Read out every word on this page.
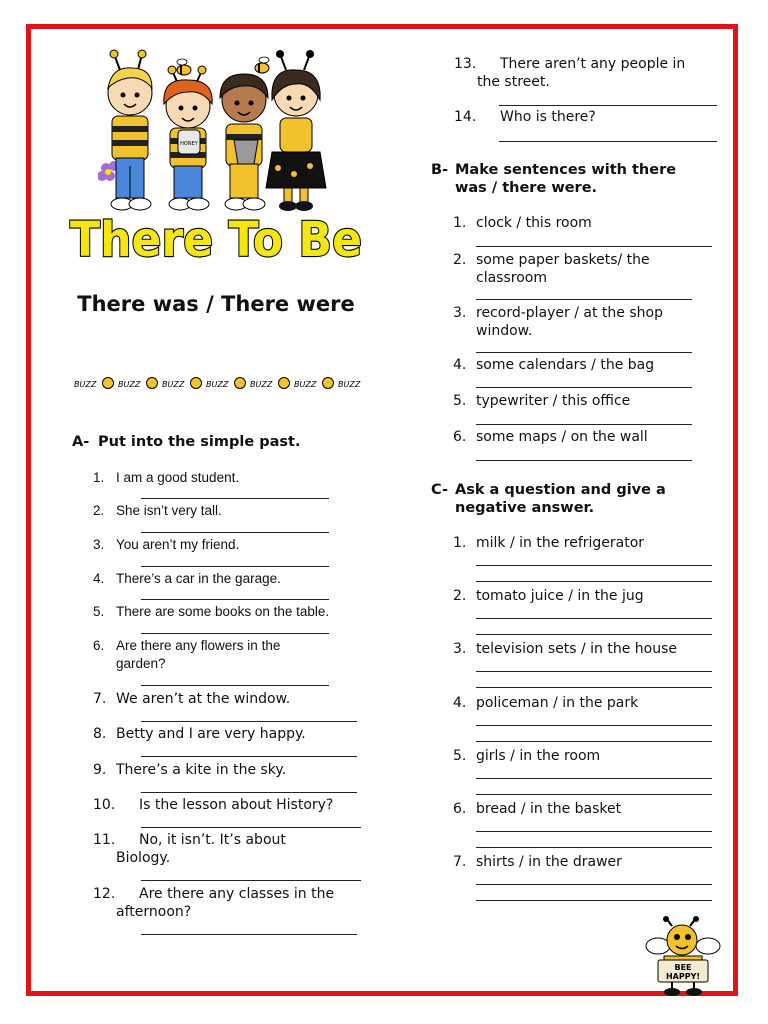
HONEY
There To Be
There was / There were
BUZZ	BUZZ	BUZZ	BUZZ	BUZZ	BUZZ	BUZZ
A- Put into the simple past.
1. I am a good student.
2. She isn’t very tall.
3. You aren’t my friend.
4. There’s a car in the garage.
5. There are some books on the table.
6. Are there any flowers in the
garden?
7. We aren’t at the window.
8. Betty and I are very happy.
9. There’s a kite in the sky.
10. Is the lesson about History?
11. No, it isn’t. It’s about
Biology.
12. Are there any classes in the
afternoon?
13. There aren’t any people in
the street.
14. Who is there?
B- Make sentences with there
was / there were.
1. clock / this room
2. some paper baskets/ the
classroom
3. record-player / at the shop
window.
4. some calendars / the bag
5. typewriter / this office
6. some maps / on the wall
C- Ask a question and give a
negative answer.
1. milk / in the refrigerator
2. tomato juice / in the jug
3. television sets / in the house
4. policeman / in the park
5. girls / in the room
6. bread / in the basket
7. shirts / in the drawer
BEE
HAPPY!
